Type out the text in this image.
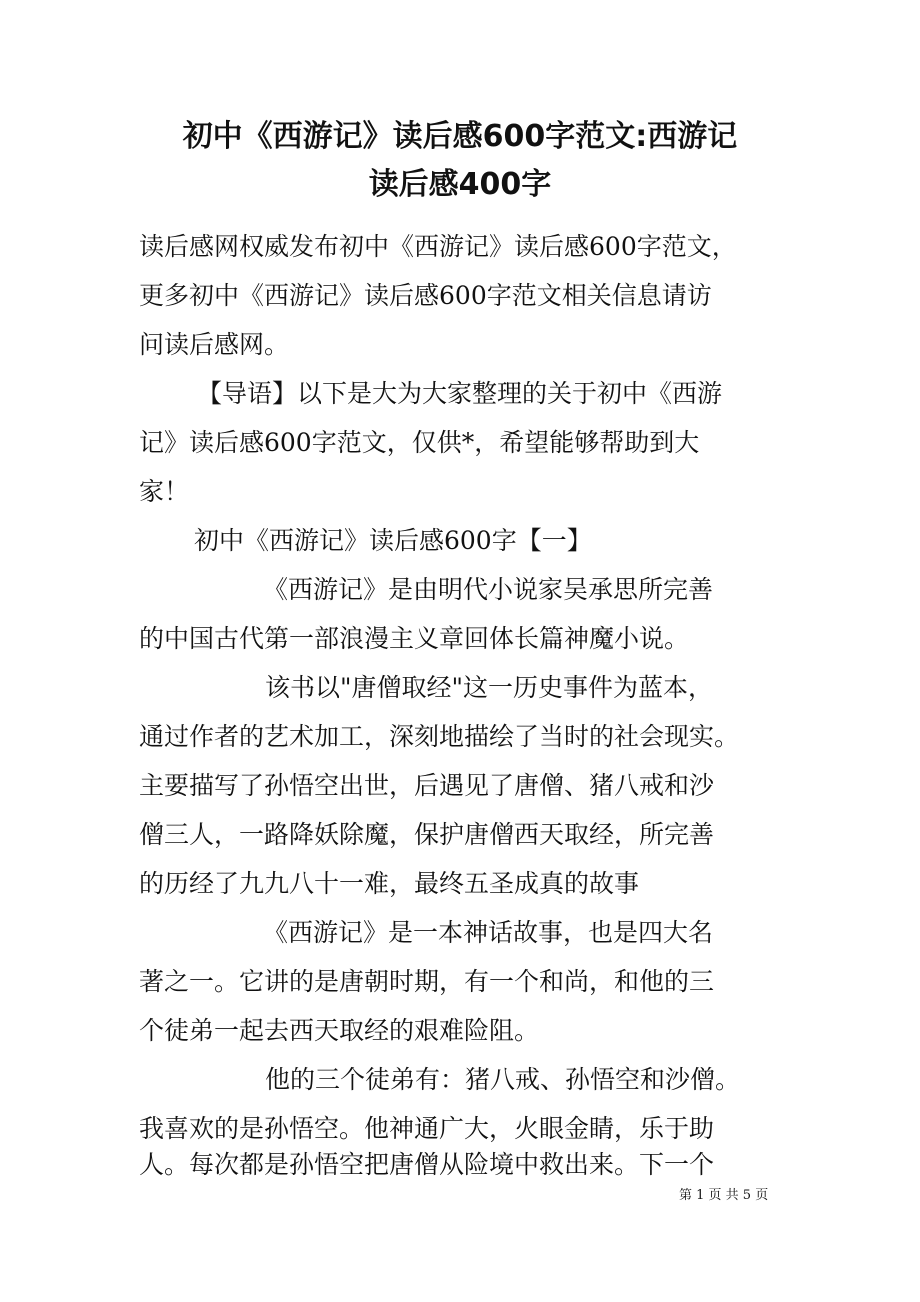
初中《西游记》读后感600字范文:西游记
读后感400字
读后感网权威发布初中《西游记》读后感600字范文，
更多初中《西游记》读后感600字范文相关信息请访
问读后感网。
【导语】以下是大为大家整理的关于初中《西游
记》读后感600字范文，仅供*，希望能够帮助到大
家！
初中《西游记》读后感600字【一】
《西游记》是由明代小说家吴承思所完善
的中国古代第一部浪漫主义章回体长篇神魔小说。
该书以"唐僧取经"这一历史事件为蓝本，
通过作者的艺术加工，深刻地描绘了当时的社会现实。
主要描写了孙悟空出世，后遇见了唐僧、猪八戒和沙
僧三人，一路降妖除魔，保护唐僧西天取经，所完善
的历经了九九八十一难，最终五圣成真的故事
《西游记》是一本神话故事，也是四大名
著之一。它讲的是唐朝时期，有一个和尚，和他的三
个徒弟一起去西天取经的艰难险阻。
他的三个徒弟有：猪八戒、孙悟空和沙僧。
我喜欢的是孙悟空。他神通广大，火眼金睛，乐于助
人。每次都是孙悟空把唐僧从险境中救出来。下一个
第 1 页 共 5 页
